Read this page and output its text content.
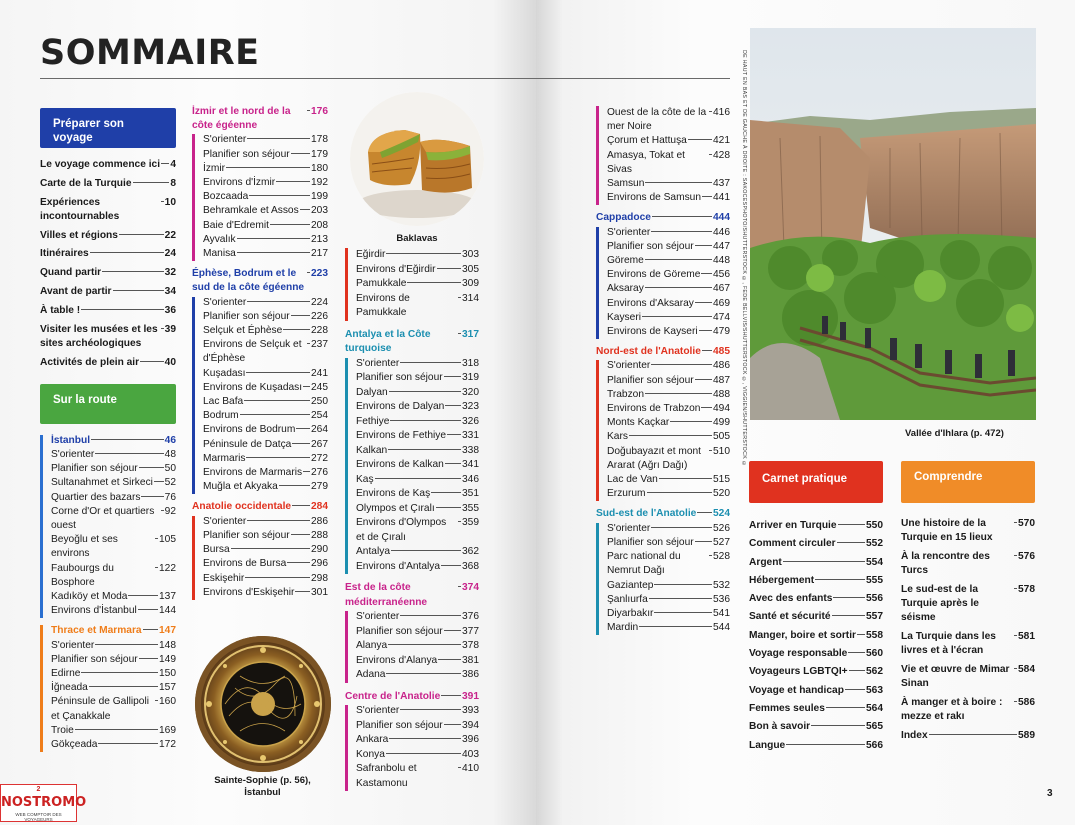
SOMMAIRE
Préparer son voyage
Le voyage commence ici 4
Carte de la Turquie	8
Expériences incontournables
10
Villes et régions	22
Itinéraires	24
Quand partir	32
Avant de partir	34
À table !	36
Visiter les musées et les sites archéologiques
39
Activités de plein air	40
Sur la route
İstanbul	46
S'orienter	48
Planifier son séjour	50
Sultanahmet et Sirkeci 52
Quartier des bazars 76
Corne d'Or et quartiers ouest
92
Beyoğlu et ses environs
105
Faubourgs du Bosphore
122
Kadıköy et Moda	137
Environs d'İstanbul 144
Thrace et Marmara 147
S'orienter	148
Planifier son séjour 149
Edirne	150
İğneada	157
Péninsule de Gallipoli et Çanakkale
160
Troie	169
Gökçeada	172
İzmir et le nord de la côte égéenne
176
S'orienter	178
Planifier son séjour 179
İzmir	180
Environs d'İzmir	192
Bozcaada	199
Behramkale et Assos 203
Baie d'Edremit	208
Ayvalık	213
Manisa	217
Éphèse, Bodrum et le sud de la côte égéenne
223
S'orienter	224
Planifier son séjour 226
Selçuk et Éphèse	228
Environs de Selçuk et d'Éphèse
237
Kuşadası	241
Environs de Kuşadası 245
Lac Bafa	250
Bodrum	254
Environs de Bodrum 264
Péninsule de Datça 267
Marmaris	272
Environs de Marmaris 276
Muğla et Akyaka	279
Anatolie occidentale 284
S'orienter	286
Planifier son séjour 288
Bursa	290
Environs de Bursa 296
Eskişehir	298
Environs d'Eskişehir 301
Sainte-Sophie (p. 56), İstanbul
Baklavas
Eğirdir	303
Environs d'Eğirdir	305
Pamukkale	309
Environs de Pamukkale
314
Antalya et la Côte turquoise
317
S'orienter	318
Planifier son séjour 319
Dalyan	320
Environs de Dalyan 323
Fethiye	326
Environs de Fethiye 331
Kalkan	338
Environs de Kalkan 341
Kaş	346
Environs de Kaş	351
Olympos et Çıralı	355
Environs d'Olympos et de Çıralı
359
Antalya	362
Environs d'Antalya 368
Est de la côte méditerranéenne
374
S'orienter	376
Planifier son séjour 377
Alanya	378
Environs d'Alanya 381
Adana	386
Centre de l'Anatolie 391
S'orienter	393
Planifier son séjour 394
Ankara	396
Konya	403
Safranbolu et Kastamonu
410
Ouest de la côte de la mer Noire
416
Çorum et Hattuşa	421
Amasya, Tokat et Sivas
428
Samsun	437
Environs de Samsun 441
Cappadoce	444
S'orienter	446
Planifier son séjour 447
Göreme	448
Environs de Göreme 456
Aksaray	467
Environs d'Aksaray 469
Kayseri	474
Environs de Kayseri 479
Nord-est de l'Anatolie 485
S'orienter	486
Planifier son séjour 487
Trabzon	488
Environs de Trabzon 494
Monts Kaçkar	499
Kars	505
Doğubayazıt et mont Ararat (Ağrı Dağı)
510
Lac de Van	515
Erzurum	520
Sud-est de l'Anatolie 524
S'orienter	526
Planifier son séjour 527
Parc national du Nemrut Dağı
528
Gaziantep	532
Şanlıurfa	536
Diyarbakır	541
Mardin	544
DE HAUT EN BAS ET DE GAUCHE À DROITE : SAKOCESPHOTO/SHUTTERSTOCK ©, FEDE BELLVIS/SHUTTERSTOCK ©, VIGGIEN/SHUTTERSTOCK ©	Vallée d'Ihlara (p. 472)
Carnet pratique
Arriver en Turquie	550
Comment circuler	552
Argent	554
Hébergement	555
Avec des enfants	556
Santé et sécurité	557
Manger, boire et sortir 558
Voyage responsable 560
Voyageurs LGBTQI+ 562
Voyage et handicap 563
Femmes seules	564
Bon à savoir	565
Langue	566
Comprendre
Une histoire de la Turquie en 15 lieux
570
À la rencontre des Turcs
576
Le sud-est de la Turquie après le séisme
578
La Turquie dans les livres et à l'écran
581
Vie et œuvre de Mimar Sinan
584
À manger et à boire : mezze et rakı
586
Index	589
3
2
NOSTROMO
WEB COMPTOIR DES VOYAGEURS
